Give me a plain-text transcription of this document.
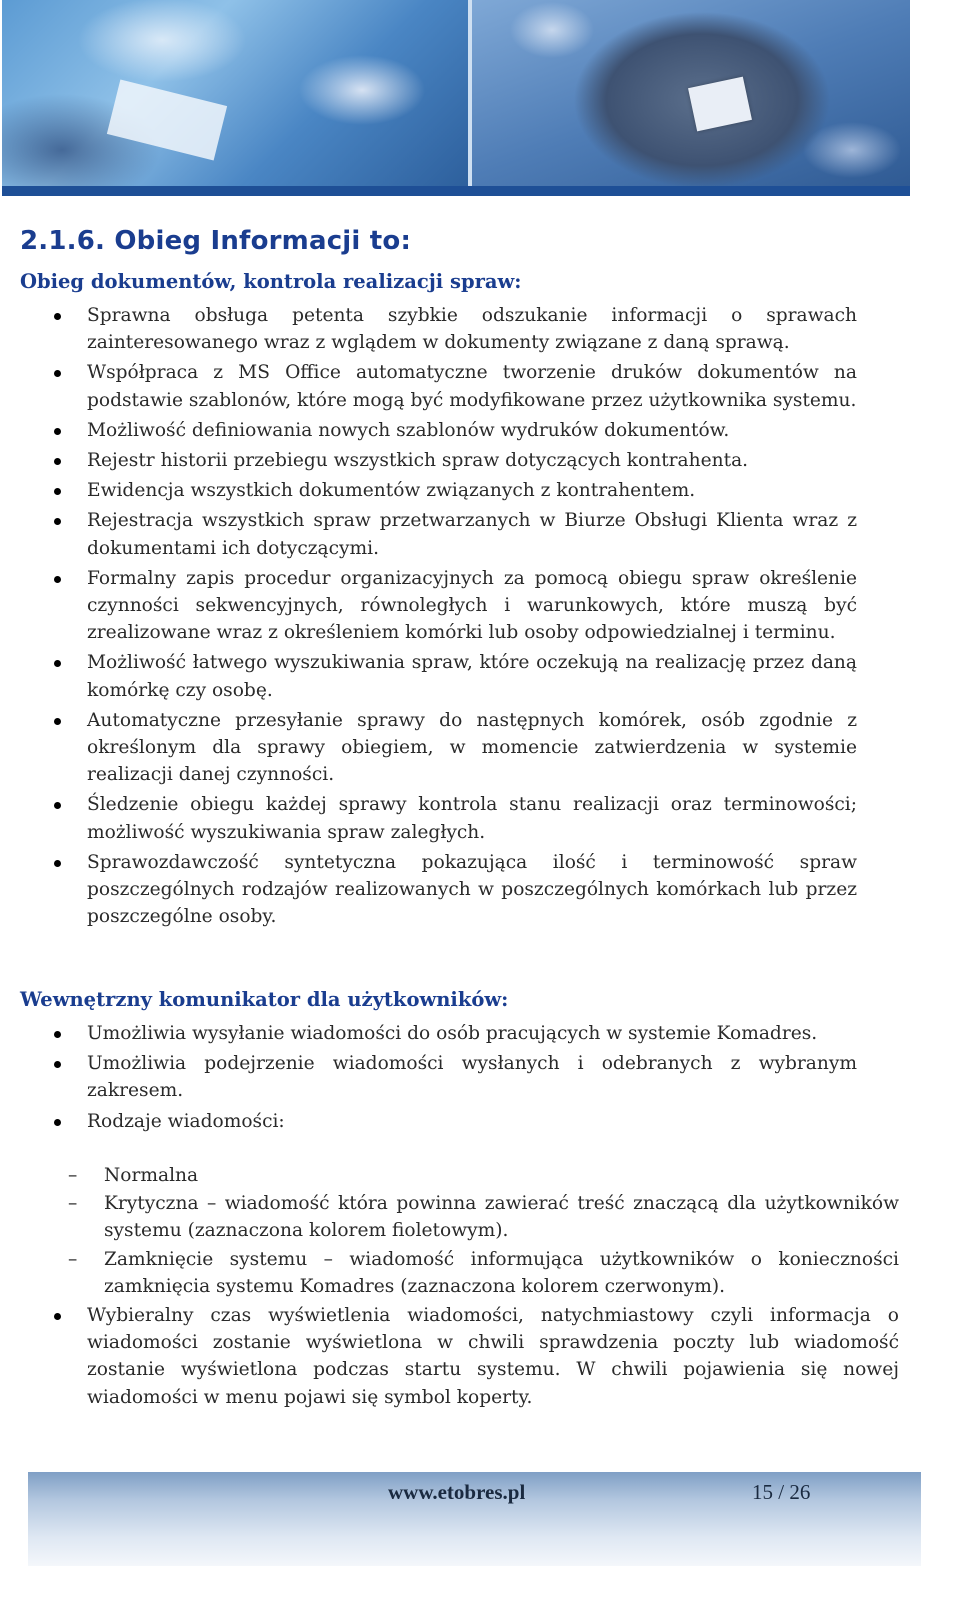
2.1.6. Obieg Informacji to:
Obieg dokumentów, kontrola realizacji spraw:
Sprawna obsługa petenta szybkie odszukanie informacji o sprawach zainteresowanego wraz z wglądem w dokumenty związane z daną sprawą.
Współpraca z MS Office automatyczne tworzenie druków dokumentów na podstawie szablonów, które mogą być modyfikowane przez użytkownika systemu.
Możliwość definiowania nowych szablonów wydruków dokumentów.
Rejestr historii przebiegu wszystkich spraw dotyczących kontrahenta.
Ewidencja wszystkich dokumentów związanych z kontrahentem.
Rejestracja wszystkich spraw przetwarzanych w Biurze Obsługi Klienta wraz z dokumentami ich dotyczącymi.
Formalny zapis procedur organizacyjnych za pomocą obiegu spraw określenie czynności sekwencyjnych, równoległych i warunkowych, które muszą być zrealizowane wraz z określeniem komórki lub osoby odpowiedzialnej i terminu.
Możliwość łatwego wyszukiwania spraw, które oczekują na realizację przez daną komórkę czy osobę.
Automatyczne przesyłanie sprawy do następnych komórek, osób zgodnie z określonym dla sprawy obiegiem, w momencie zatwierdzenia w systemie realizacji danej czynności.
Śledzenie obiegu każdej sprawy kontrola stanu realizacji oraz terminowości; możliwość wyszukiwania spraw zaległych.
Sprawozdawczość syntetyczna pokazująca ilość i terminowość spraw poszczególnych rodzajów realizowanych w poszczególnych komórkach lub przez poszczególne osoby.
Wewnętrzny komunikator dla użytkowników:
Umożliwia wysyłanie wiadomości do osób pracujących w systemie Komadres.
Umożliwia podejrzenie wiadomości wysłanych i odebranych z wybranym zakresem.
Rodzaje wiadomości:
– Normalna
– Krytyczna – wiadomość która powinna zawierać treść znaczącą dla użytkowników systemu (zaznaczona kolorem fioletowym).
– Zamknięcie systemu – wiadomość informująca użytkowników o konieczności zamknięcia systemu Komadres (zaznaczona kolorem czerwonym).
Wybieralny czas wyświetlenia wiadomości, natychmiastowy czyli informacja o wiadomości zostanie wyświetlona w chwili sprawdzenia poczty lub wiadomość zostanie wyświetlona podczas startu systemu. W chwili pojawienia się nowej wiadomości w menu pojawi się symbol koperty.
www.etobres.pl	15 / 26
